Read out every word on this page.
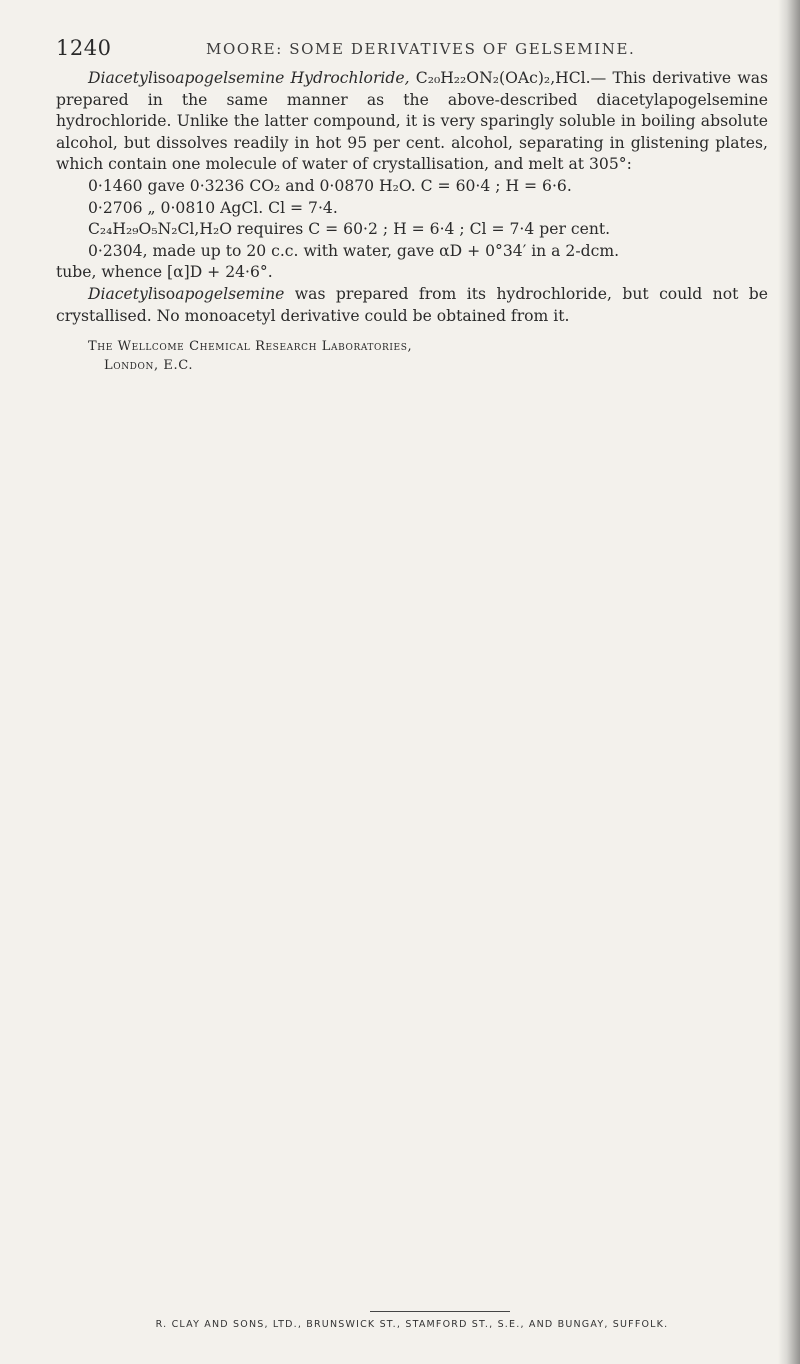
1240	MOORE: SOME DERIVATIVES OF GELSEMINE.

Diacetylisoapogelsemine Hydrochloride, C₂₀H₂₂ON₂(OAc)₂,HCl.— This derivative was prepared in the same manner as the above-described diacetylapogelsemine hydrochloride. Unlike the latter compound, it is very sparingly soluble in boiling absolute alcohol, but dissolves readily in hot 95 per cent. alcohol, separating in glistening plates, which contain one molecule of water of crystallisation, and melt at 305°:

0·1460 gave 0·3236 CO₂ and 0·0870 H₂O. C = 60·4 ; H = 6·6.

0·2706 „ 0·0810 AgCl. Cl = 7·4.

C₂₄H₂₉O₅N₂Cl,H₂O requires C = 60·2 ; H = 6·4 ; Cl = 7·4 per cent.

0·2304, made up to 20 c.c. with water, gave αD + 0°34′ in a 2-dcm.

tube, whence [α]D + 24·6°.

Diacetylisoapogelsemine was prepared from its hydrochloride, but could not be crystallised. No monoacetyl derivative could be obtained from it.

The Wellcome Chemical Research Laboratories,
London, E.C.
R. CLAY AND SONS, LTD., BRUNSWICK ST., STAMFORD ST., S.E., AND BUNGAY, SUFFOLK.
